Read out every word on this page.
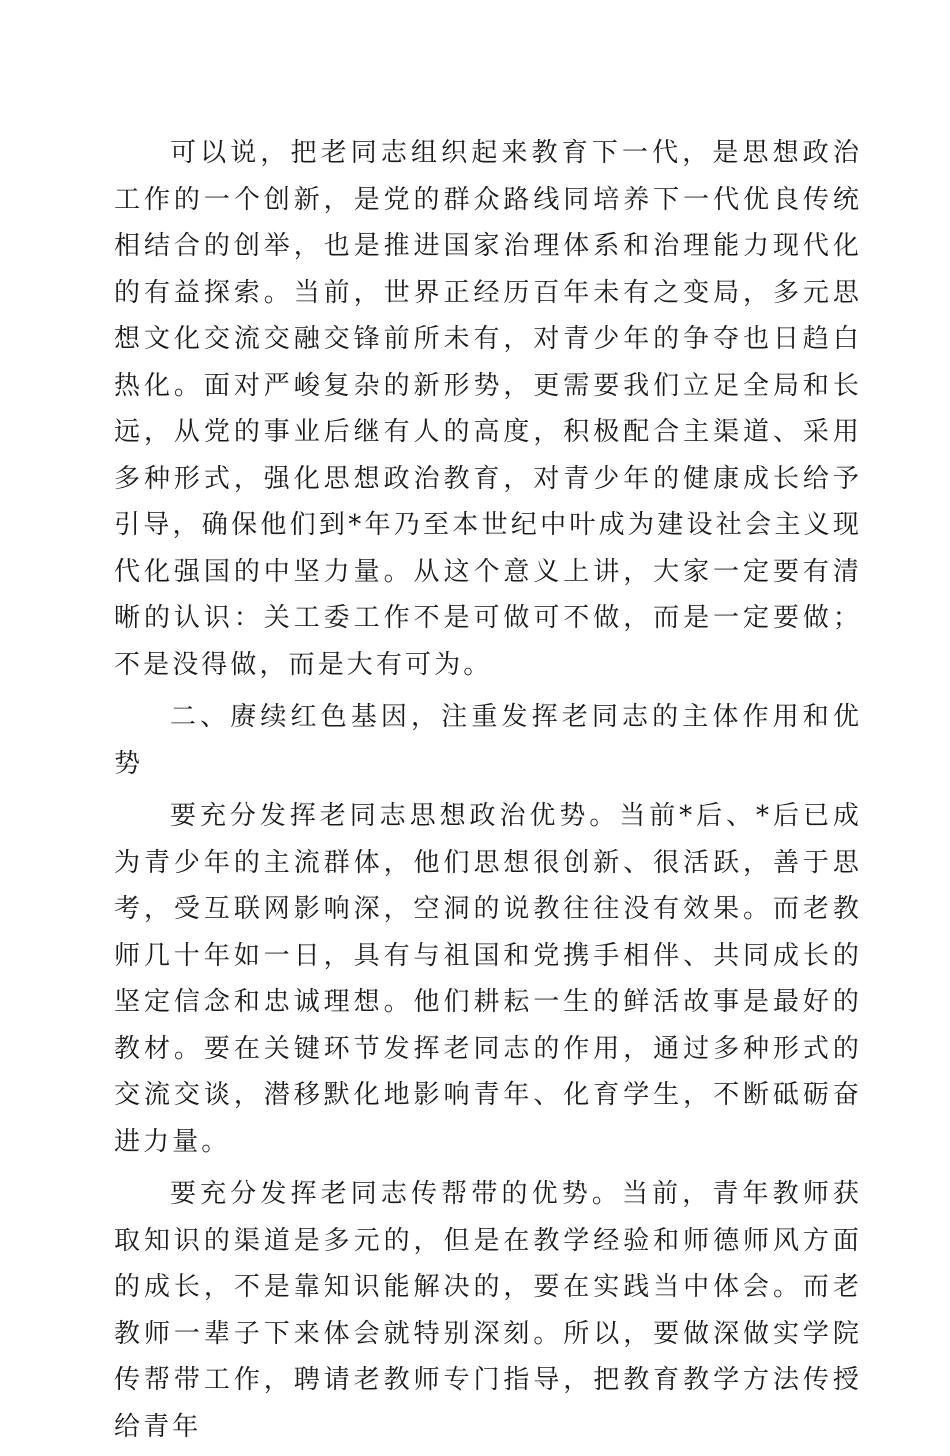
可以说，把老同志组织起来教育下一代，是思想政治工作的一个创新，是党的群众路线同培养下一代优良传统相结合的创举，也是推进国家治理体系和治理能力现代化的有益探索。当前，世界正经历百年未有之变局，多元思想文化交流交融交锋前所未有，对青少年的争夺也日趋白热化。面对严峻复杂的新形势，更需要我们立足全局和长远，从党的事业后继有人的高度，积极配合主渠道、采用多种形式，强化思想政治教育，对青少年的健康成长给予引导，确保他们到*年乃至本世纪中叶成为建设社会主义现代化强国的中坚力量。从这个意义上讲，大家一定要有清晰的认识：关工委工作不是可做可不做，而是一定要做；不是没得做，而是大有可为。

二、赓续红色基因，注重发挥老同志的主体作用和优势

要充分发挥老同志思想政治优势。当前*后、*后已成为青少年的主流群体，他们思想很创新、很活跃，善于思考，受互联网影响深，空洞的说教往往没有效果。而老教师几十年如一日，具有与祖国和党携手相伴、共同成长的坚定信念和忠诚理想。他们耕耘一生的鲜活故事是最好的教材。要在关键环节发挥老同志的作用，通过多种形式的交流交谈，潜移默化地影响青年、化育学生，不断砥砺奋进力量。

要充分发挥老同志传帮带的优势。当前，青年教师获取知识的渠道是多元的，但是在教学经验和师德师风方面的成长，不是靠知识能解决的，要在实践当中体会。而老教师一辈子下来体会就特别深刻。所以，要做深做实学院传帮带工作，聘请老教师专门指导，把教育教学方法传授给青年
